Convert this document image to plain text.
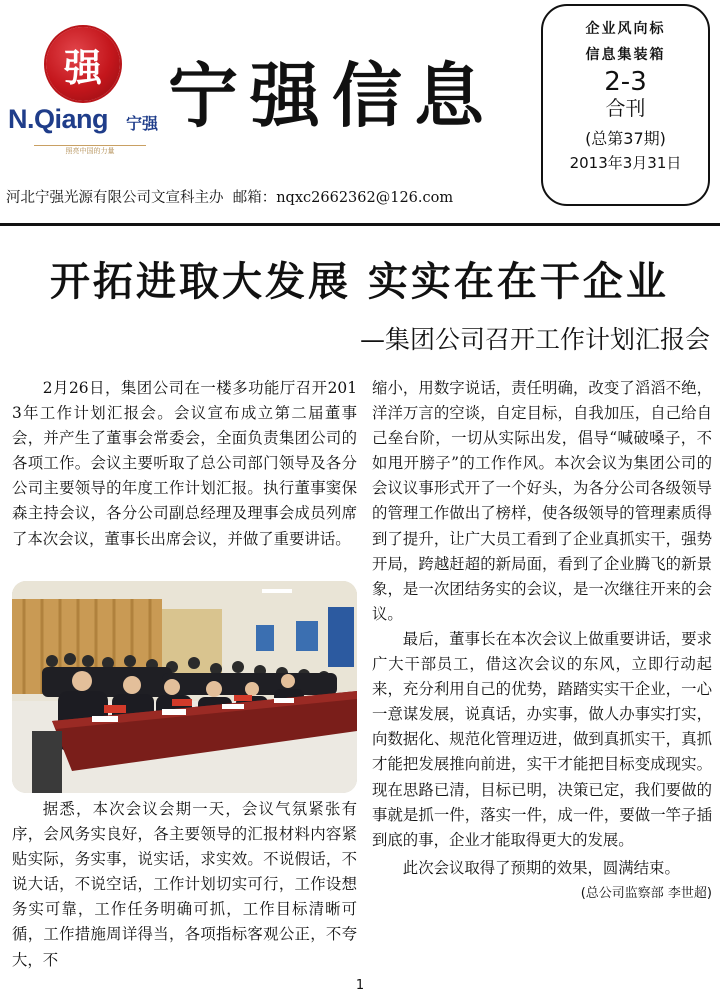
强
N.Qiang 宁强
照亮中国的力量
宁强信息
河北宁强光源有限公司文宣科主办 邮箱：nqxc2662362@126.com
企业风向标
信息集装箱
2-3
合刊
(总第37期)
2013年3月31日
开拓进取大发展 实实在在干企业
—集团公司召开工作计划汇报会

2月26日，集团公司在一楼多功能厅召开2013年工作计划汇报会。会议宣布成立第二届董事会，并产生了董事会常委会，全面负责集团公司的各项工作。会议主要听取了总公司部门领导及各分公司主要领导的年度工作计划汇报。执行董事窦保森主持会议，各分公司副总经理及理事会成员列席了本次会议，董事长出席会议，并做了重要讲话。

据悉，本次会议会期一天，会议气氛紧张有序，会风务实良好，各主要领导的汇报材料内容紧贴实际，务实事，说实话，求实效。不说假话，不说大话，不说空话，工作计划切实可行，工作设想务实可靠，工作任务明确可抓，工作目标清晰可循，工作措施周详得当，各项指标客观公正，不夸大，不

缩小，用数字说话，责任明确，改变了滔滔不绝，洋洋万言的空谈，自定目标，自我加压，自己给自己垒台阶，一切从实际出发，倡导“喊破嗓子，不如甩开膀子”的工作作风。本次会议为集团公司的会议议事形式开了一个好头，为各分公司各级领导的管理工作做出了榜样，使各级领导的管理素质得到了提升，让广大员工看到了企业真抓实干，强势开局，跨越赶超的新局面，看到了企业腾飞的新景象，是一次团结务实的会议，是一次继往开来的会议。

最后，董事长在本次会议上做重要讲话，要求广大干部员工，借这次会议的东风，立即行动起来，充分利用自己的优势，踏踏实实干企业，一心一意谋发展，说真话，办实事，做人办事实打实，向数据化、规范化管理迈进，做到真抓实干，真抓才能把发展推向前进，实干才能把目标变成现实。现在思路已清，目标已明，决策已定，我们要做的事就是抓一件，落实一件，成一件，要做一竿子插到底的事，企业才能取得更大的发展。

此次会议取得了预期的效果，圆满结束。

(总公司监察部 李世超)

1
